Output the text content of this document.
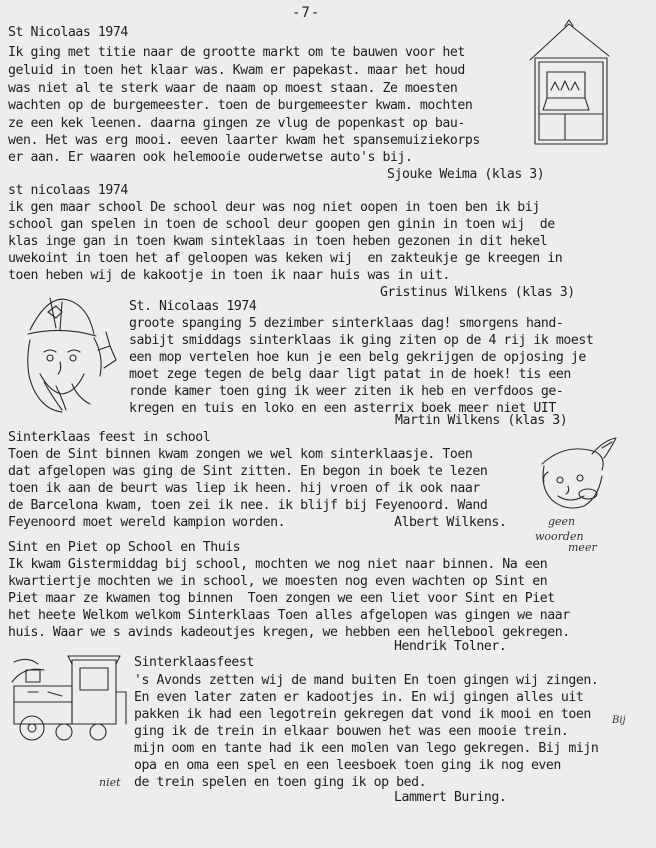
-7-
St Nicolaas 1974
Ik ging met titie naar de grootte markt om te bauwen voor het
geluid in toen het klaar was. Kwam er papekast. maar het houd
was niet al te sterk waar de naam op moest staan. Ze moesten
wachten op de burgemeester. toen de burgemeester kwam. mochten
ze een kek leenen. daarna gingen ze vlug de popenkast op bau-
wen. Het was erg mooi. eeven laarter kwam het spansemuiziekorps
er aan. Er waaren ook helemooie ouderwetse auto's bij.
Sjouke Weima (klas 3)
st nicolaas 1974
ik gen maar school De school deur was nog niet oopen in toen ben ik bij
school gan spelen in toen de school deur goopen gen ginin in toen wij  de
klas inge gan in toen kwam sinteklaas in toen heben gezonen in dit hekel
uwekoint in toen het af geloopen was keken wij  en zakteukje ge kreegen in
toen heben wij de kakootje in toen ik naar huis was in uit.
Gristinus Wilkens (klas 3)
St. Nicolaas 1974
groote spanging 5 dezimber sinterklaas dag! smorgens hand-
sabijt smiddags sinterklaas ik ging ziten op de 4 rij ik moest
een mop vertelen hoe kun je een belg gekrijgen de opjosing je
moet zege tegen de belg daar ligt patat in de hoek! tis een
ronde kamer toen ging ik weer ziten ik heb en verfdoos ge-
kregen en tuis en loko en een asterrix boek meer niet UIT
Martin Wilkens (klas 3)
Sinterklaas feest in school
Toen de Sint binnen kwam zongen we wel kom sinterklaasje. Toen
dat afgelopen was ging de Sint zitten. En begon in boek te lezen
toen ik aan de beurt was liep ik heen. hij vroen of ik ook naar
de Barcelona kwam, toen zei ik nee. ik blijf bij Feyenoord. Wand
Feyenoord moet wereld kampion worden.	Albert Wilkens.
Sint en Piet op School en Thuis
Ik kwam Gistermiddag bij school, mochten we nog niet naar binnen. Na een
kwartiertje mochten we in school, we moesten nog even wachten op Sint en
Piet maar ze kwamen tog binnen  Toen zongen we een liet voor Sint en Piet
het heete Welkom welkom Sinterklaas Toen alles afgelopen was gingen we naar
huis. Waar we s avinds kadeoutjes kregen, we hebben een hellebool gekregen.
Hendrik Tolner.
Sinterklaasfeest
's Avonds zetten wij de mand buiten En toen gingen wij zingen.
En even later zaten er kadootjes in. En wij gingen alles uit
pakken ik had een legotrein gekregen dat vond ik mooi en toen
ging ik de trein in elkaar bouwen het was een mooie trein.
mijn oom en tante had ik een molen van lego gekregen. Bij mijn
opa en oma een spel en een leesboek toen ging ik nog even
de trein spelen en toen ging ik op bed.
Lammert Buring.
geen
woorden
meer
Bij
niet
